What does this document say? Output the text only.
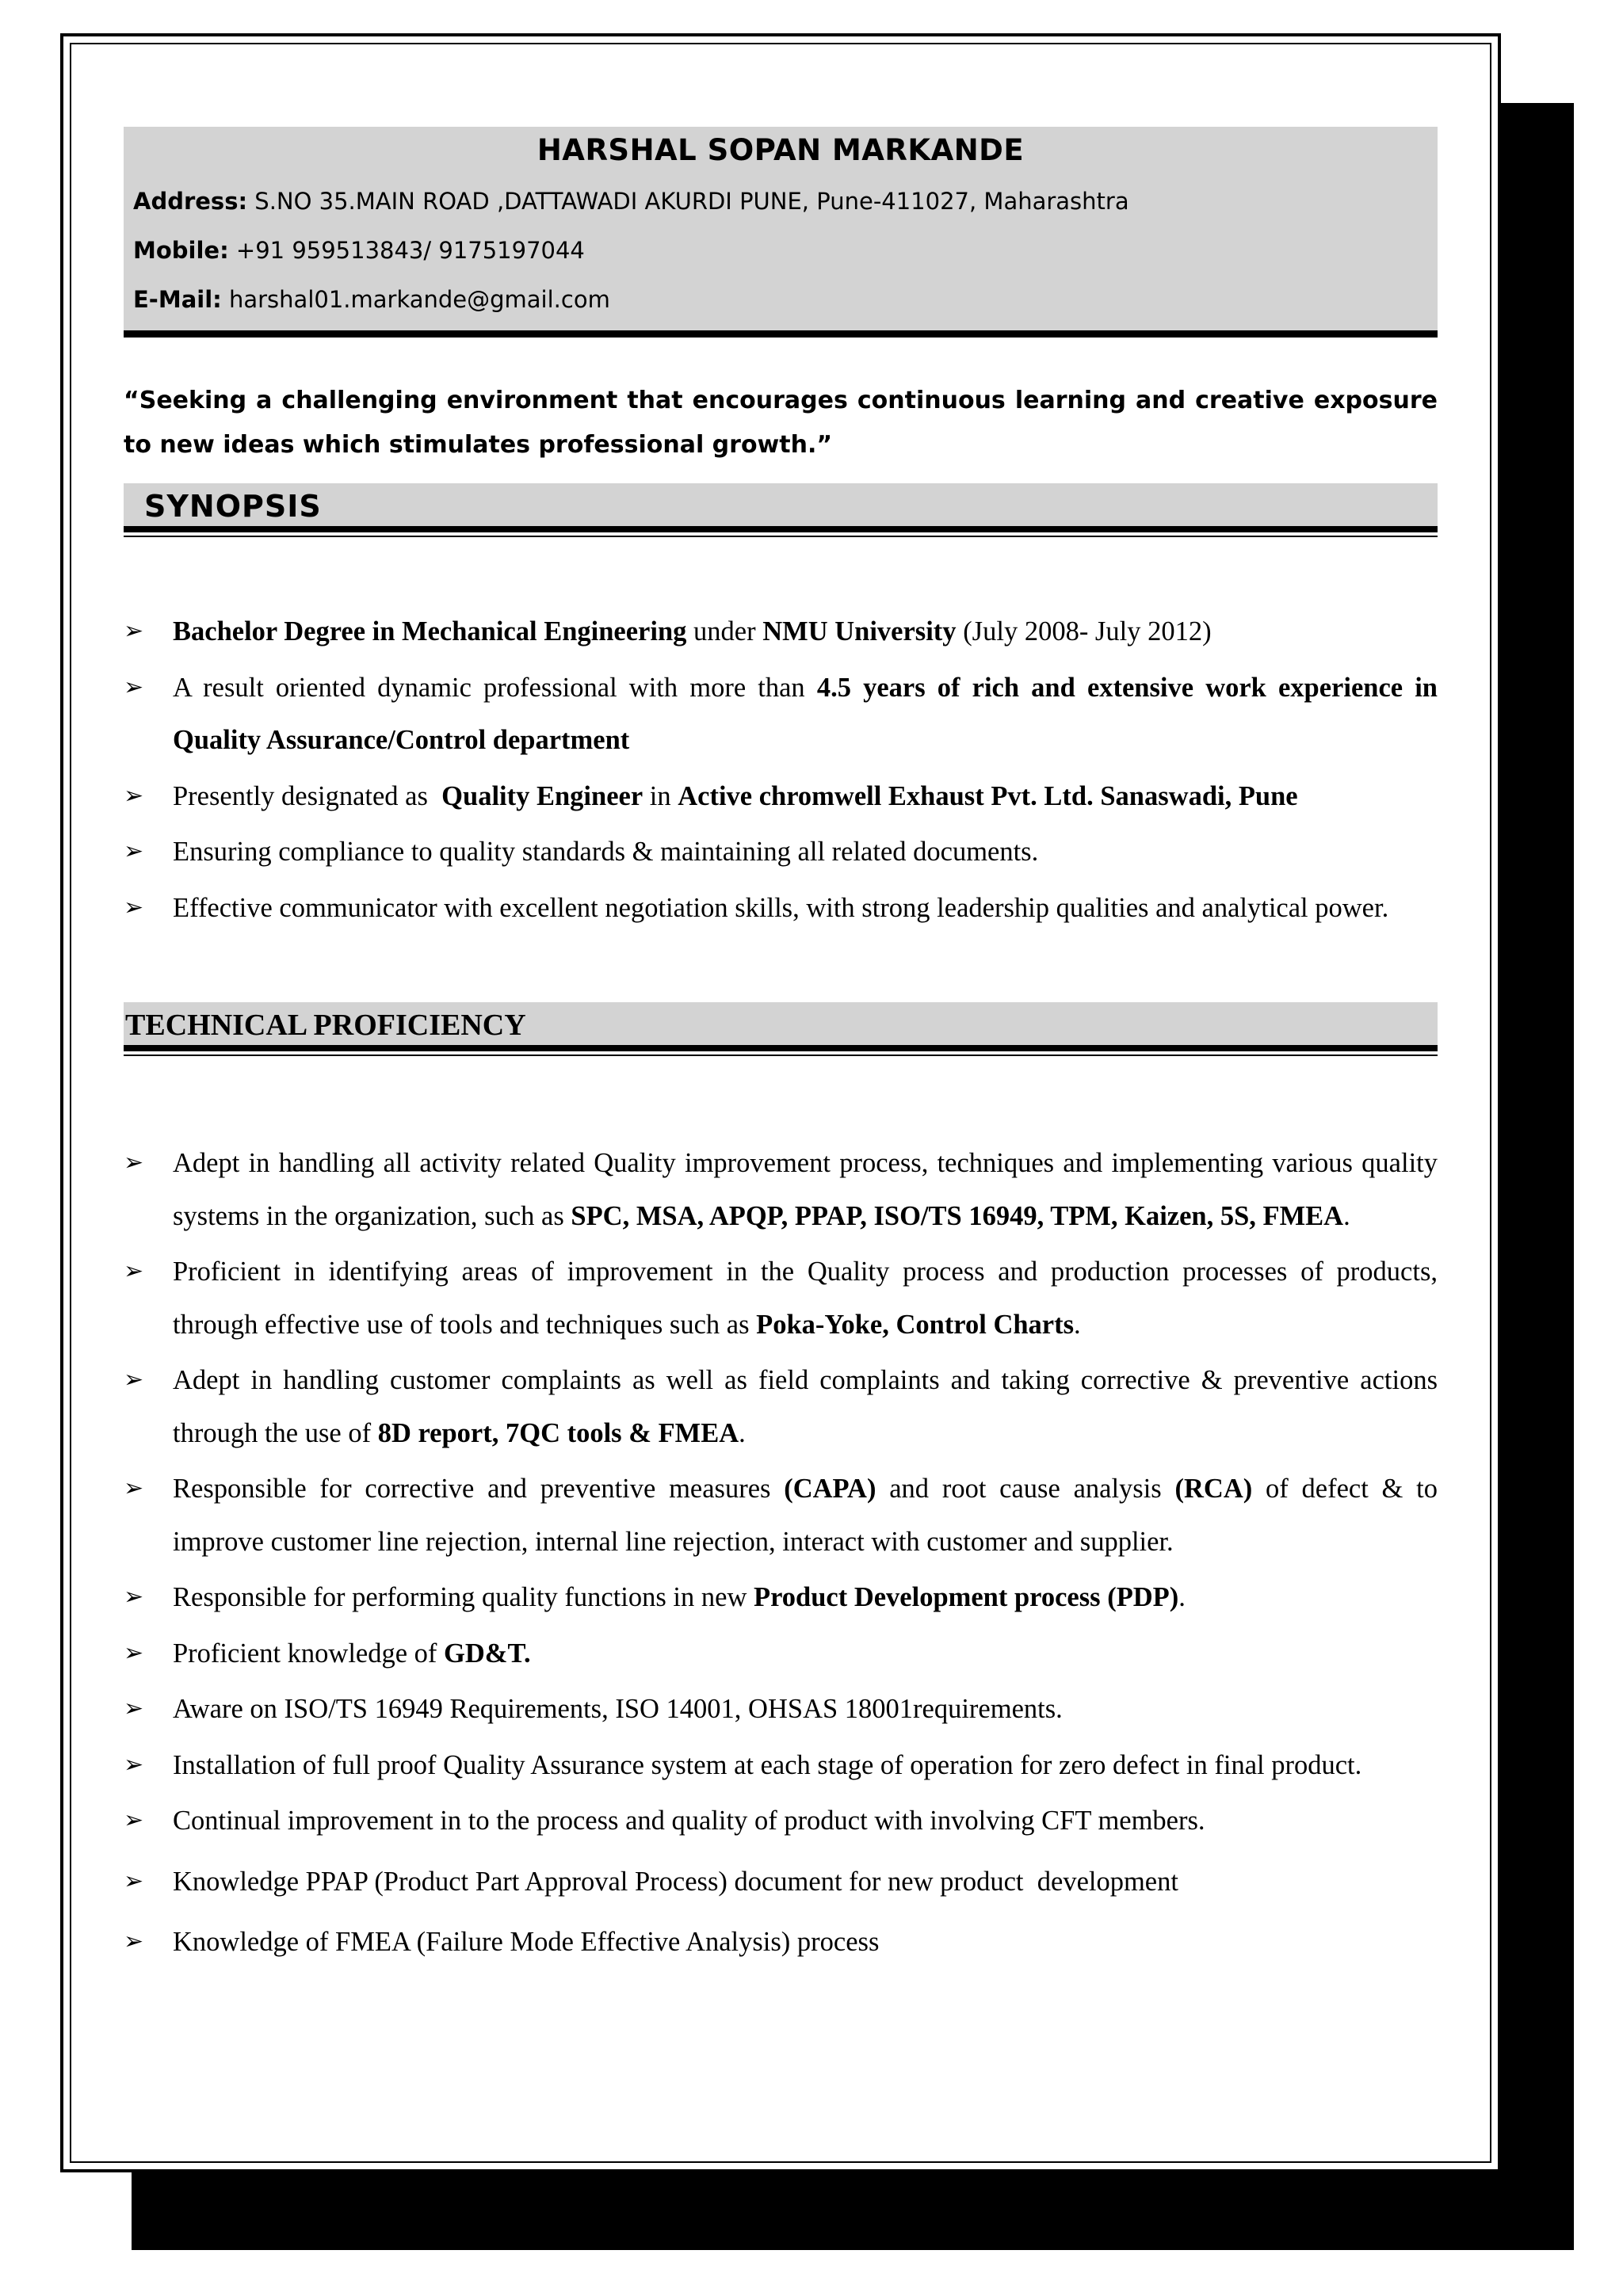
HARSHAL SOPAN MARKANDE
Address: S.NO 35.MAIN ROAD ,DATTAWADI AKURDI PUNE, Pune-411027, Maharashtra
Mobile: +91 959513843/ 9175197044
E-Mail: harshal01.markande@gmail.com
“Seeking a challenging environment that encourages continuous learning and creative exposure to new ideas which stimulates professional growth.”
SYNOPSIS
➢	Bachelor Degree in Mechanical Engineering under NMU University (July 2008- July 2012)
➢	A result oriented dynamic professional with more than 4.5 years of rich and extensive work experience in Quality Assurance/Control department
➢	Presently designated as  Quality Engineer in Active chromwell Exhaust Pvt. Ltd. Sanaswadi, Pune
➢	Ensuring compliance to quality standards & maintaining all related documents.
➢	Effective communicator with excellent negotiation skills, with strong leadership qualities and analytical power.
TECHNICAL PROFICIENCY
➢	Adept in handling all activity related Quality improvement process, techniques and implementing various quality systems in the organization, such as SPC, MSA, APQP, PPAP, ISO/TS 16949, TPM, Kaizen, 5S, FMEA.
➢	Proficient in identifying areas of improvement in the Quality process and production processes of products, through effective use of tools and techniques such as Poka-Yoke, Control Charts.
➢	Adept in handling customer complaints as well as field complaints and taking corrective & preventive actions through the use of 8D report, 7QC tools & FMEA.
➢	Responsible for corrective and preventive measures (CAPA) and root cause analysis (RCA) of defect & to improve customer line rejection, internal line rejection, interact with customer and supplier.
➢	Responsible for performing quality functions in new Product Development process (PDP).
➢	Proficient knowledge of GD&T.
➢	Aware on ISO/TS 16949 Requirements, ISO 14001, OHSAS 18001requirements.
➢	Installation of full proof Quality Assurance system at each stage of operation for zero defect in final product.
➢	Continual improvement in to the process and quality of product with involving CFT members.
➢	Knowledge PPAP (Product Part Approval Process) document for new product  development
➢	Knowledge of FMEA (Failure Mode Effective Analysis) process
